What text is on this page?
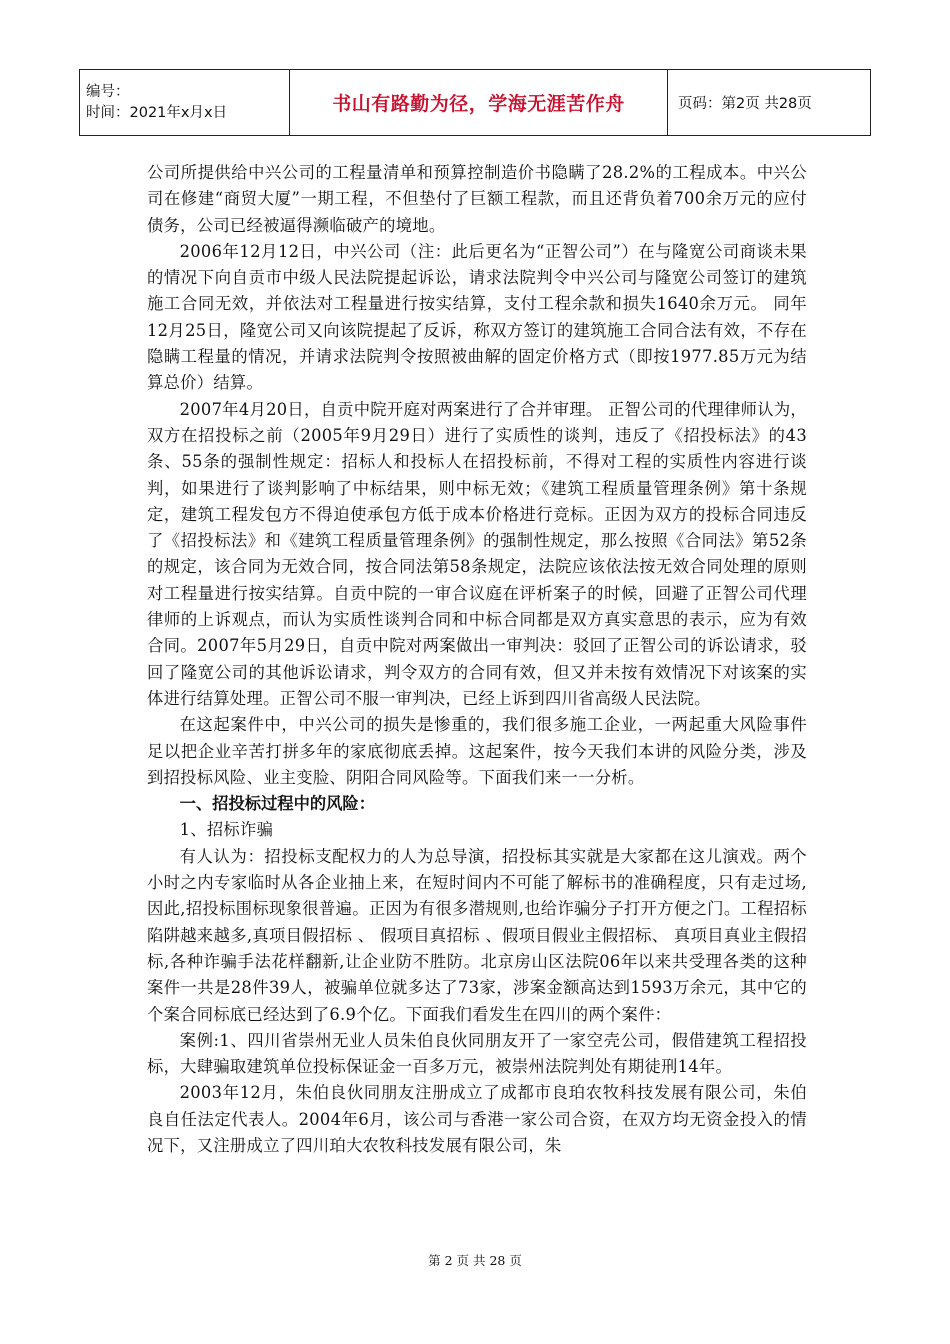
编号：
时间：2021年x月x日	书山有路勤为径，学海无涯苦作舟	页码：第2页 共28页

公司所提供给中兴公司的工程量清单和预算控制造价书隐瞒了28.2%的工程成本。中兴公司在修建“商贸大厦”一期工程，不但垫付了巨额工程款，而且还背负着700余万元的应付债务，公司已经被逼得濒临破产的境地。

2006年12月12日，中兴公司（注：此后更名为“正智公司”）在与隆宽公司商谈未果的情况下向自贡市中级人民法院提起诉讼，请求法院判令中兴公司与隆宽公司签订的建筑施工合同无效，并依法对工程量进行按实结算，支付工程余款和损失1640余万元。 同年12月25日，隆宽公司又向该院提起了反诉，称双方签订的建筑施工合同合法有效，不存在隐瞒工程量的情况，并请求法院判令按照被曲解的固定价格方式（即按1977.85万元为结算总价）结算。

2007年4月20日，自贡中院开庭对两案进行了合并审理。 正智公司的代理律师认为，双方在招投标之前（2005年9月29日）进行了实质性的谈判，违反了《招投标法》的43条、55条的强制性规定：招标人和投标人在招投标前，不得对工程的实质性内容进行谈判，如果进行了谈判影响了中标结果，则中标无效；《建筑工程质量管理条例》第十条规定，建筑工程发包方不得迫使承包方低于成本价格进行竞标。正因为双方的投标合同违反了《招投标法》和《建筑工程质量管理条例》的强制性规定，那么按照《合同法》第52条的规定，该合同为无效合同，按合同法第58条规定，法院应该依法按无效合同处理的原则对工程量进行按实结算。自贡中院的一审合议庭在评析案子的时候，回避了正智公司代理律师的上诉观点，而认为实质性谈判合同和中标合同都是双方真实意思的表示，应为有效合同。2007年5月29日，自贡中院对两案做出一审判决：驳回了正智公司的诉讼请求，驳回了隆宽公司的其他诉讼请求，判令双方的合同有效，但又并未按有效情况下对该案的实体进行结算处理。正智公司不服一审判决，已经上诉到四川省高级人民法院。

在这起案件中，中兴公司的损失是惨重的，我们很多施工企业，一两起重大风险事件足以把企业辛苦打拼多年的家底彻底丢掉。这起案件，按今天我们本讲的风险分类，涉及到招投标风险、业主变脸、阴阳合同风险等。下面我们来一一分析。

一、招投标过程中的风险：

1、招标诈骗

有人认为：招投标支配权力的人为总导演，招投标其实就是大家都在这儿演戏。两个小时之内专家临时从各企业抽上来，在短时间内不可能了解标书的准确程度，只有走过场,因此,招投标围标现象很普遍。正因为有很多潜规则,也给诈骗分子打开方便之门。工程招标陷阱越来越多,真项目假招标 、 假项目真招标 、假项目假业主假招标、 真项目真业主假招标,各种诈骗手法花样翻新,让企业防不胜防。北京房山区法院06年以来共受理各类的这种案件一共是28件39人，被骗单位就多达了73家，涉案金额高达到1593万余元，其中它的个案合同标底已经达到了6.9个亿。下面我们看发生在四川的两个案件：

案例:1、四川省崇州无业人员朱伯良伙同朋友开了一家空壳公司，假借建筑工程招投标，大肆骗取建筑单位投标保证金一百多万元，被崇州法院判处有期徒刑14年。

2003年12月，朱伯良伙同朋友注册成立了成都市良珀农牧科技发展有限公司，朱伯良自任法定代表人。2004年6月，该公司与香港一家公司合资，在双方均无资金投入的情况下，又注册成立了四川珀大农牧科技发展有限公司，朱

第 2 页 共 28 页
